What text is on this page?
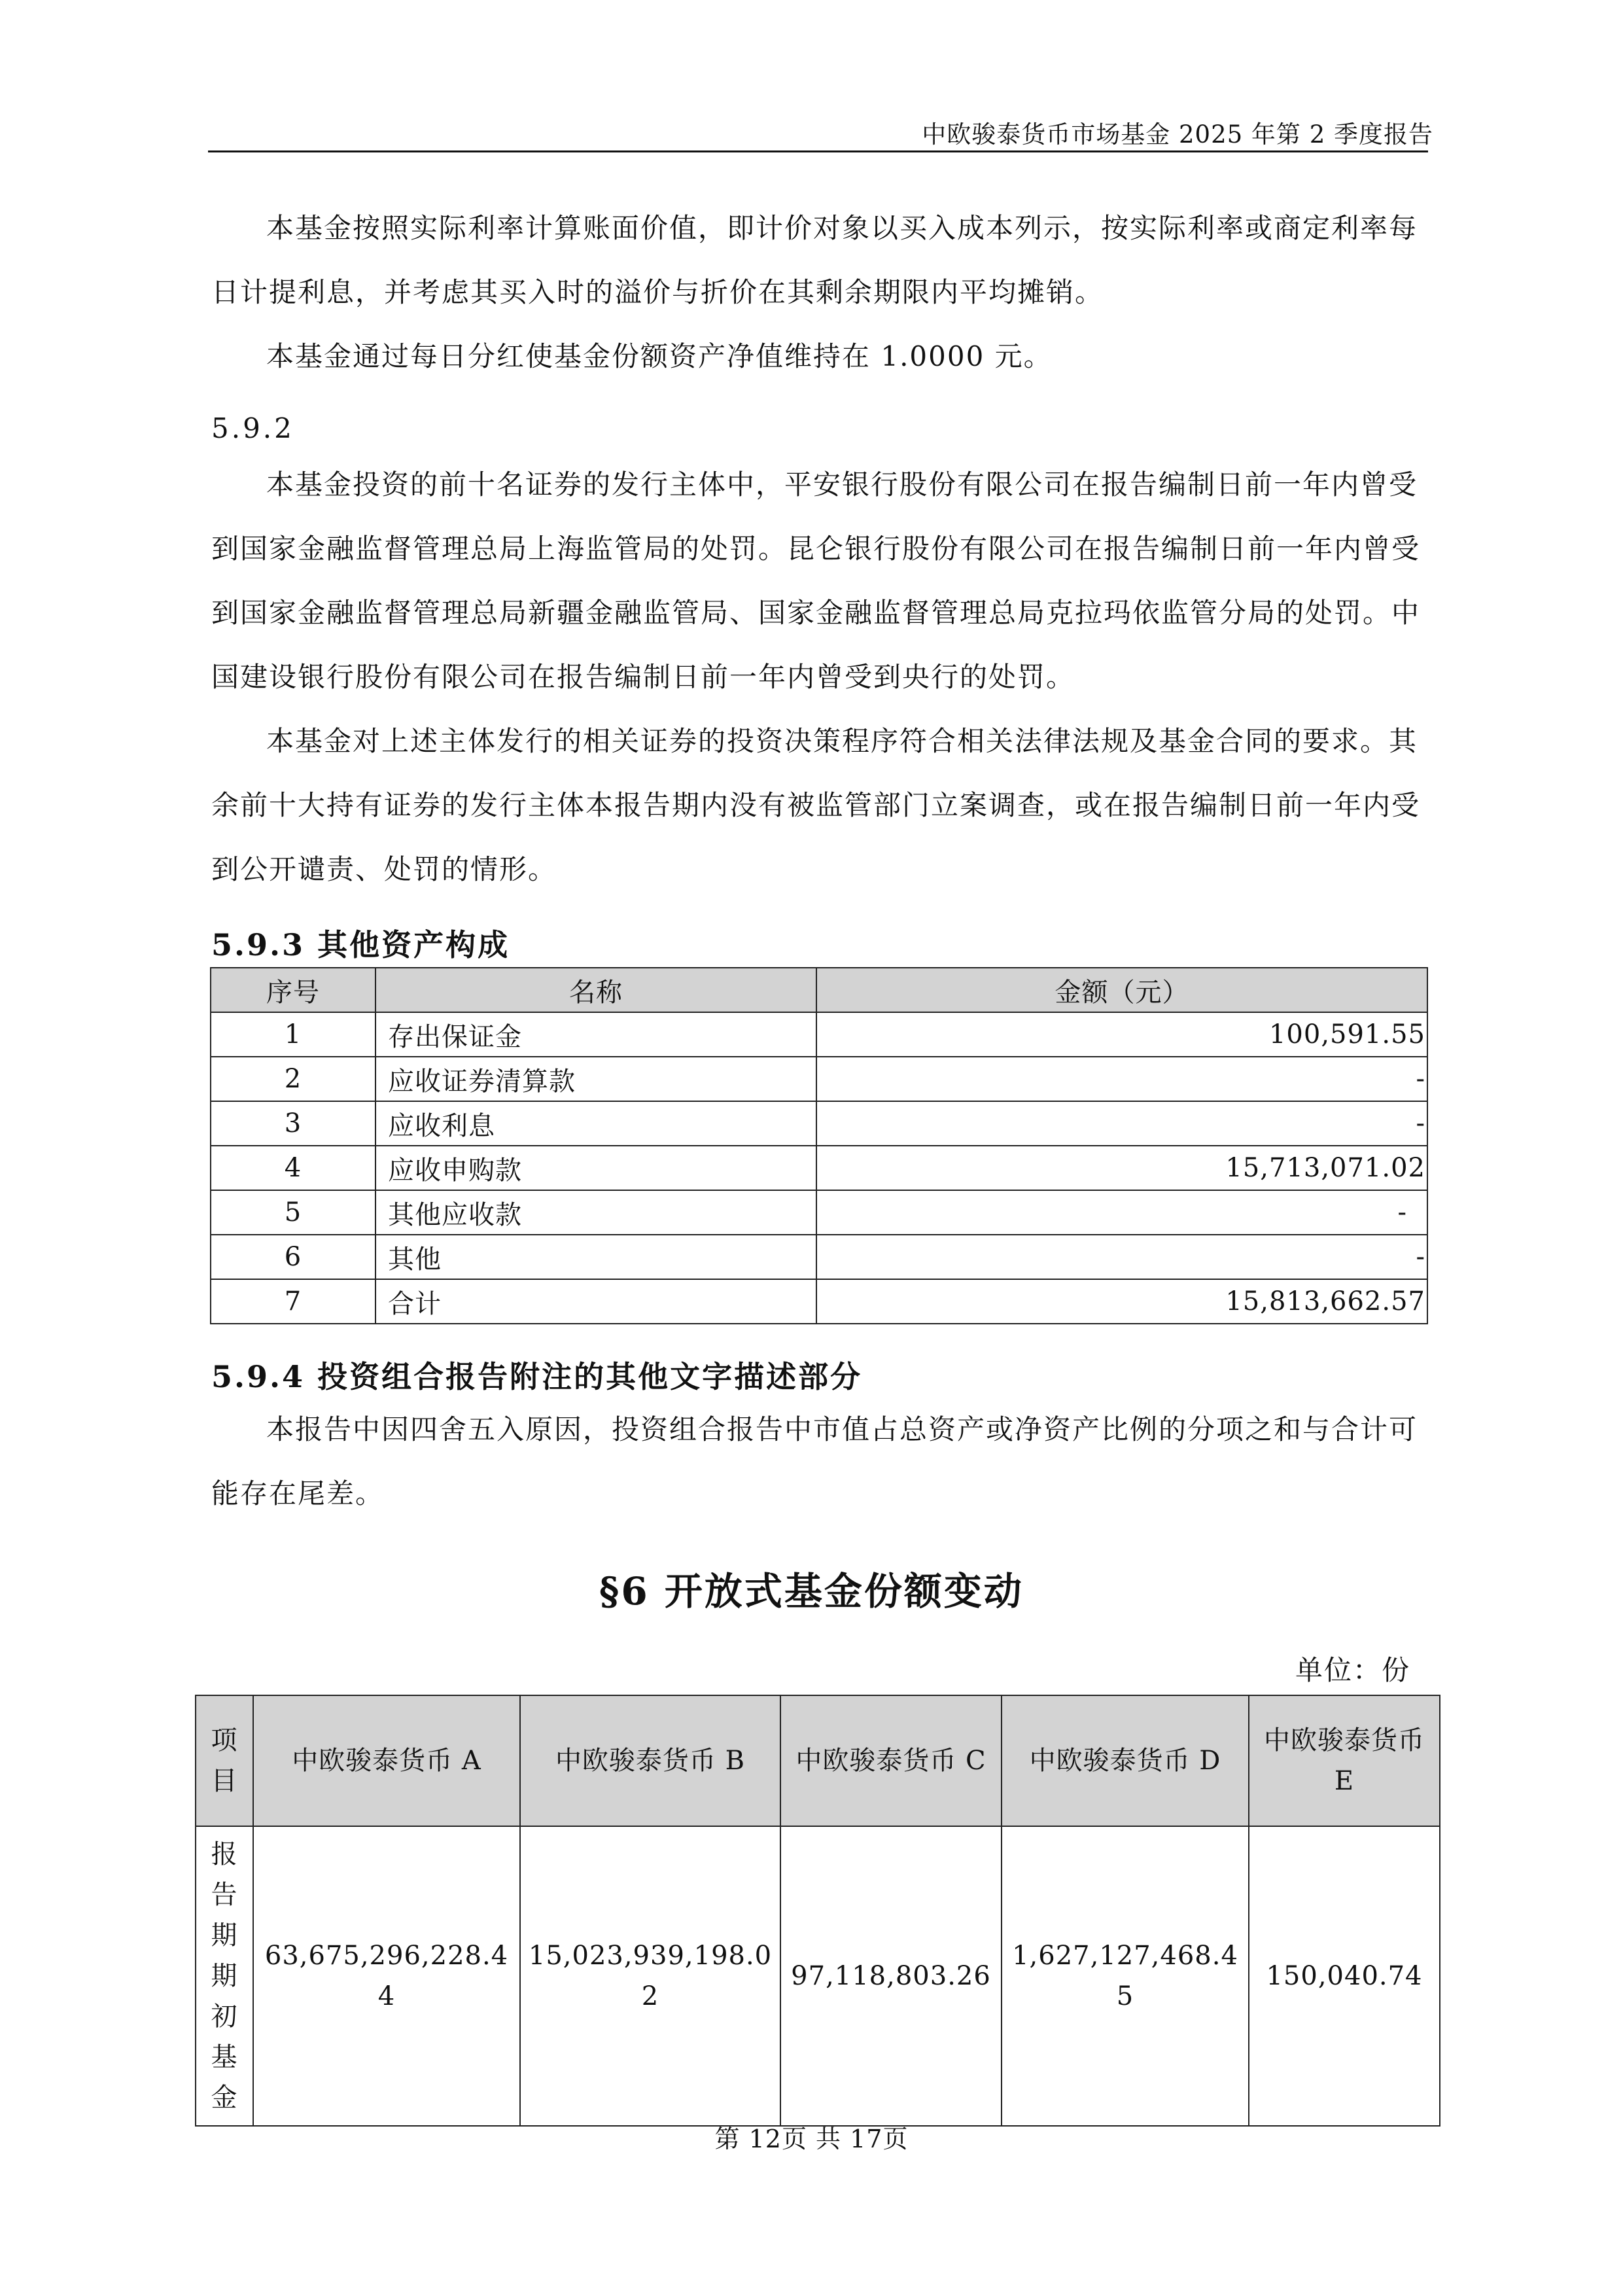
中欧骏泰货币市场基金 2025 年第 2 季度报告

本基金按照实际利率计算账面价值，即计价对象以买入成本列示，按实际利率或商定利率每日计提利息，并考虑其买入时的溢价与折价在其剩余期限内平均摊销。

本基金通过每日分红使基金份额资产净值维持在 1.0000 元。

5.9.2

本基金投资的前十名证券的发行主体中，平安银行股份有限公司在报告编制日前一年内曾受到国家金融监督管理总局上海监管局的处罚。昆仑银行股份有限公司在报告编制日前一年内曾受到国家金融监督管理总局新疆金融监管局、国家金融监督管理总局克拉玛依监管分局的处罚。中国建设银行股份有限公司在报告编制日前一年内曾受到央行的处罚。

本基金对上述主体发行的相关证券的投资决策程序符合相关法律法规及基金合同的要求。其余前十大持有证券的发行主体本报告期内没有被监管部门立案调查，或在报告编制日前一年内受到公开谴责、处罚的情形。

5.9.3 其他资产构成
序号	名称	金额（元）
1	存出保证金	100,591.55
2	应收证券清算款	-
3	应收利息	-
4	应收申购款	15,713,071.02
5	其他应收款	-
6	其他	-
7	合计	15,813,662.57
5.9.4 投资组合报告附注的其他文字描述部分

本报告中因四舍五入原因，投资组合报告中市值占总资产或净资产比例的分项之和与合计可能存在尾差。

§6 开放式基金份额变动
单位：份
项目	中欧骏泰货币 A	中欧骏泰货币 B	中欧骏泰货币 C	中欧骏泰货币 D	中欧骏泰货币 E
报告期期初基金	63,675,296,228.44	15,023,939,198.02	97,118,803.26	1,627,127,468.45	150,040.74
第 12页 共 17页
